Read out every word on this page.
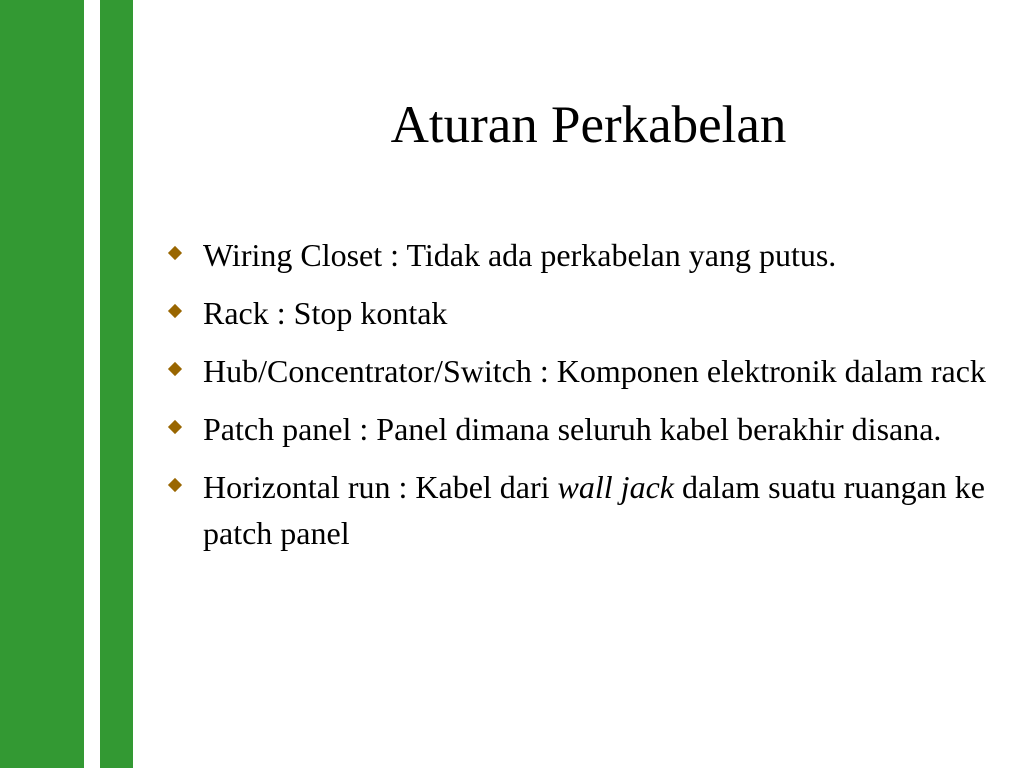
Aturan Perkabelan
Wiring Closet : Tidak ada perkabelan yang putus.
Rack : Stop kontak
Hub/Concentrator/Switch : Komponen elektronik dalam rack
Patch panel : Panel dimana seluruh kabel berakhir disana.
Horizontal run : Kabel dari wall jack dalam suatu ruangan ke patch panel
